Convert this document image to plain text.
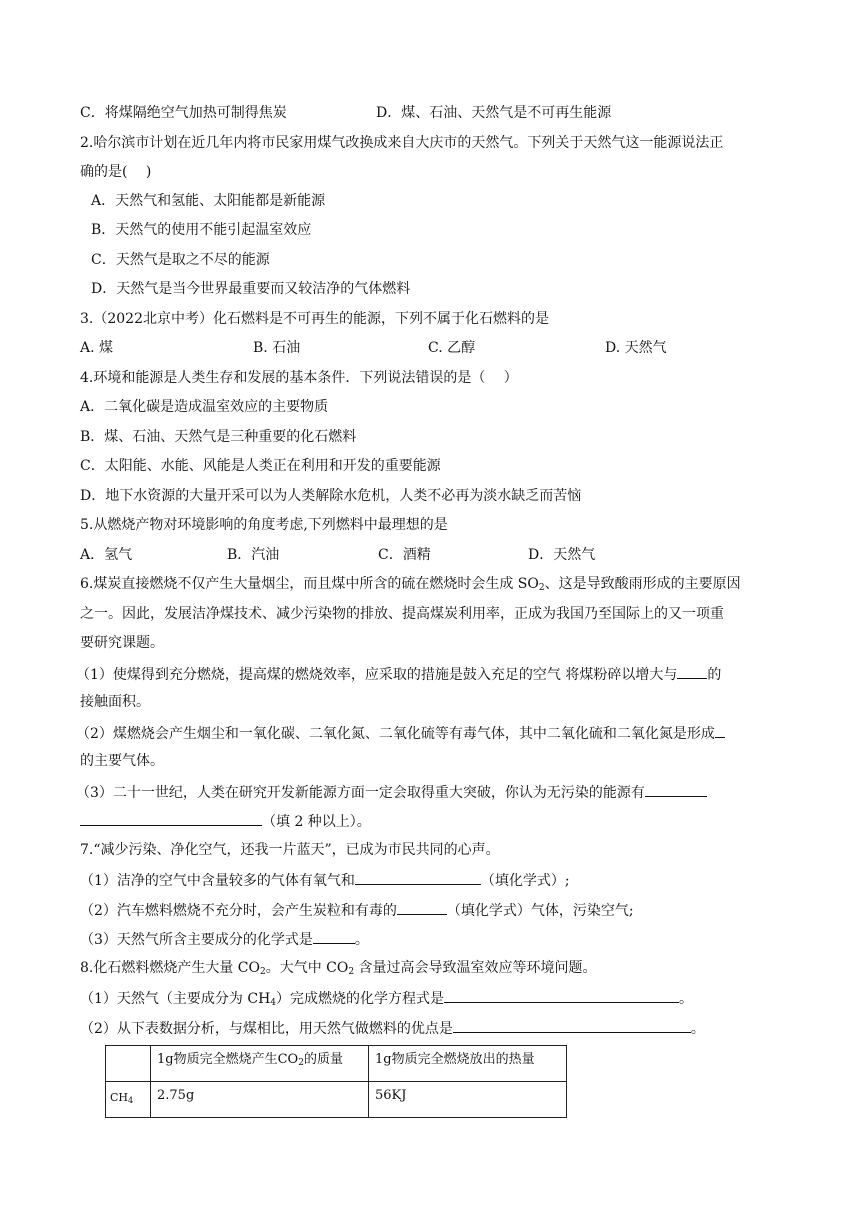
C．将煤隔绝空气加热可制得焦炭	D．煤、石油、天然气是不可再生能源
2.哈尔滨市计划在近几年内将市民家用煤气改换成来自大庆市的天然气。下列关于天然气这一能源说法正
确的是(　 )
A．天然气和氢能、太阳能都是新能源
B．天然气的使用不能引起温室效应
C．天然气是取之不尽的能源
D．天然气是当今世界最重要而又较洁净的气体燃料
3.（2022北京中考）化石燃料是不可再生的能源，下列不属于化石燃料的是
A. 煤	B. 石油	C. 乙醇	D. 天然气
4.环境和能源是人类生存和发展的基本条件．下列说法错误的是（　 ）
A．二氧化碳是造成温室效应的主要物质
B．煤、石油、天然气是三种重要的化石燃料
C．太阳能、水能、风能是人类正在利用和开发的重要能源
D．地下水资源的大量开采可以为人类解除水危机，人类不必再为淡水缺乏而苦恼
5.从燃烧产物对环境影响的角度考虑,下列燃料中最理想的是
A．氢气	B．汽油	C．酒精	D．天然气
6.煤炭直接燃烧不仅产生大量烟尘，而且煤中所含的硫在燃烧时会生成 $SO_2$、这是导致酸雨形成的主要原因
之一。因此，发展洁净煤技术、减少污染物的排放、提高煤炭利用率，正成为我国乃至国际上的又一项重
要研究课题。
（1）使煤得到充分燃烧，提高煤的燃烧效率，应采取的措施是鼓入充足的空气 将煤粉碎以增大与 的
接触面积。
（2）煤燃烧会产生烟尘和一氧化碳、二氧化氮、二氧化硫等有毒气体，其中二氧化硫和二氧化氮是形成
的主要气体。
（3）二十一世纪，人类在研究开发新能源方面一定会取得重大突破，你认为无污染的能源有
（填 2 种以上）。
7.“减少污染、净化空气，还我一片蓝天”，已成为市民共同的心声。
（1）洁净的空气中含量较多的气体有氧气和	（填化学式）;
（2）汽车燃料燃烧不充分时，会产生炭粒和有毒的	（填化学式）气体，污染空气;
（3）天然气所含主要成分的化学式是	。
8.化石燃料燃烧产生大量 $CO_2$。大气中 $CO_2$ 含量过高会导致温室效应等环境问题。
（1）天然气（主要成分为 $CH_4$）完成燃烧的化学方程式是	。
（2）从下表数据分析，与煤相比，用天然气做燃料的优点是	。
	1g物质完全燃烧产生$CO_2$的质量	1g物质完全燃烧放出的热量
CH4	2.75g	56KJ
